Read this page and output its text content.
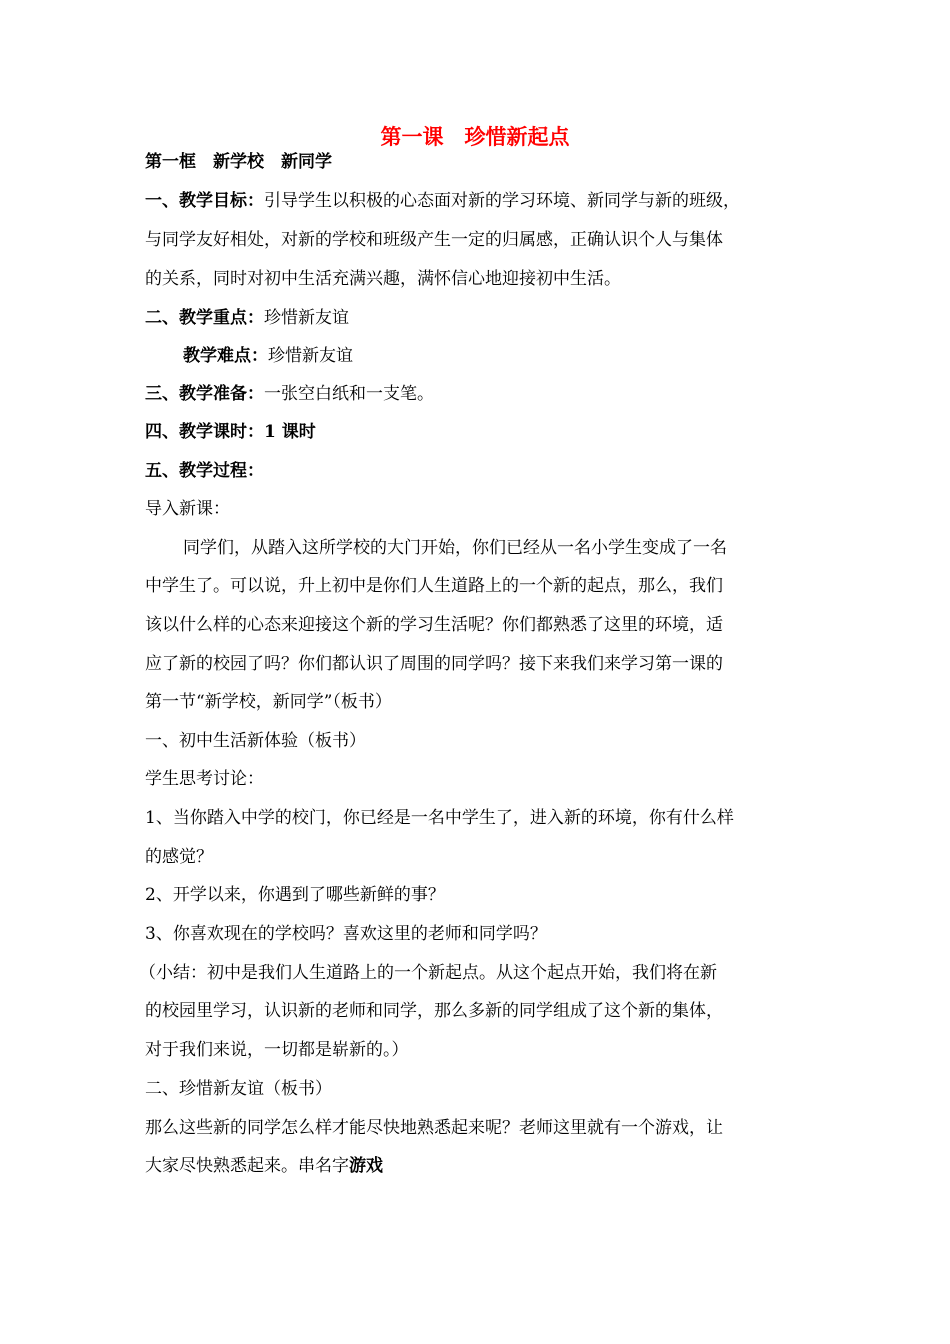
第一课　珍惜新起点
第一框　新学校　新同学
一、教学目标：引导学生以积极的心态面对新的学习环境、新同学与新的班级，
与同学友好相处，对新的学校和班级产生一定的归属感，正确认识个人与集体
的关系，同时对初中生活充满兴趣，满怀信心地迎接初中生活。
二、教学重点：珍惜新友谊
教学难点：珍惜新友谊
三、教学准备：一张空白纸和一支笔。
四、教学课时：1 课时
五、教学过程：
导入新课：
同学们，从踏入这所学校的大门开始，你们已经从一名小学生变成了一名
中学生了。可以说，升上初中是你们人生道路上的一个新的起点，那么，我们
该以什么样的心态来迎接这个新的学习生活呢？你们都熟悉了这里的环境，适
应了新的校园了吗？你们都认识了周围的同学吗？接下来我们来学习第一课的
第一节“新学校，新同学”（板书）
一、初中生活新体验（板书）
学生思考讨论：
1、当你踏入中学的校门，你已经是一名中学生了，进入新的环境，你有什么样
的感觉？
2、开学以来，你遇到了哪些新鲜的事？
3、你喜欢现在的学校吗？喜欢这里的老师和同学吗？
（小结：初中是我们人生道路上的一个新起点。从这个起点开始，我们将在新
的校园里学习，认识新的老师和同学，那么多新的同学组成了这个新的集体，
对于我们来说，一切都是崭新的。）
二、珍惜新友谊（板书）
那么这些新的同学怎么样才能尽快地熟悉起来呢？老师这里就有一个游戏，让
大家尽快熟悉起来。串名字游戏
